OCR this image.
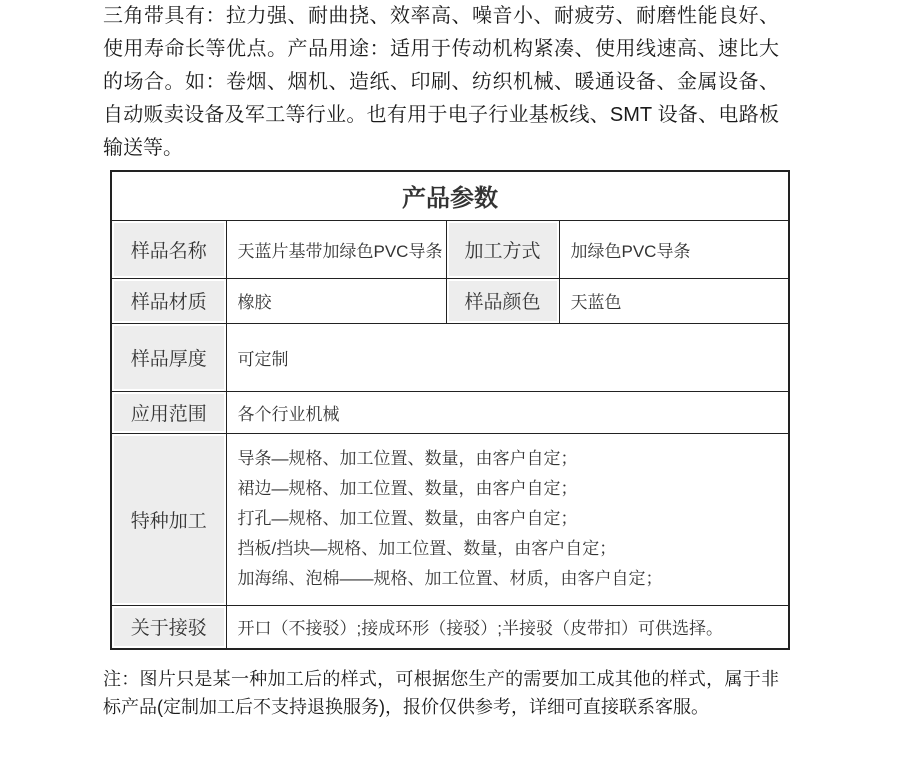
三角带具有：拉力强、耐曲挠、效率高、噪音小、耐疲劳、耐磨性能良好、使用寿命长等优点。产品用途：适用于传动机构紧凑、使用线速高、速比大的场合。如：卷烟、烟机、造纸、印刷、纺织机械、暖通设备、金属设备、自动贩卖设备及军工等行业。也有用于电子行业基板线、SMT 设备、电路板输送等。

产品参数			
样品名称	天蓝片基带加绿色PVC导条	加工方式	加绿色PVC导条
样品材质	橡胶	样品颜色	天蓝色
样品厚度	可定制		
应用范围	各个行业机械		
特种加工	导条—规格、加工位置、数量，由客户自定；
裙边—规格、加工位置、数量，由客户自定；
打孔—规格、加工位置、数量，由客户自定；
挡板/挡块—规格、加工位置、数量，由客户自定；
加海绵、泡棉——规格、加工位置、材质，由客户自定；		

关于接驳	开口（不接驳）;接成环形（接驳）;半接驳（皮带扣）可供选择。		

注：图片只是某一种加工后的样式，可根据您生产的需要加工成其他的样式，属于非标产品(定制加工后不支持退换服务)，报价仅供参考，详细可直接联系客服。
